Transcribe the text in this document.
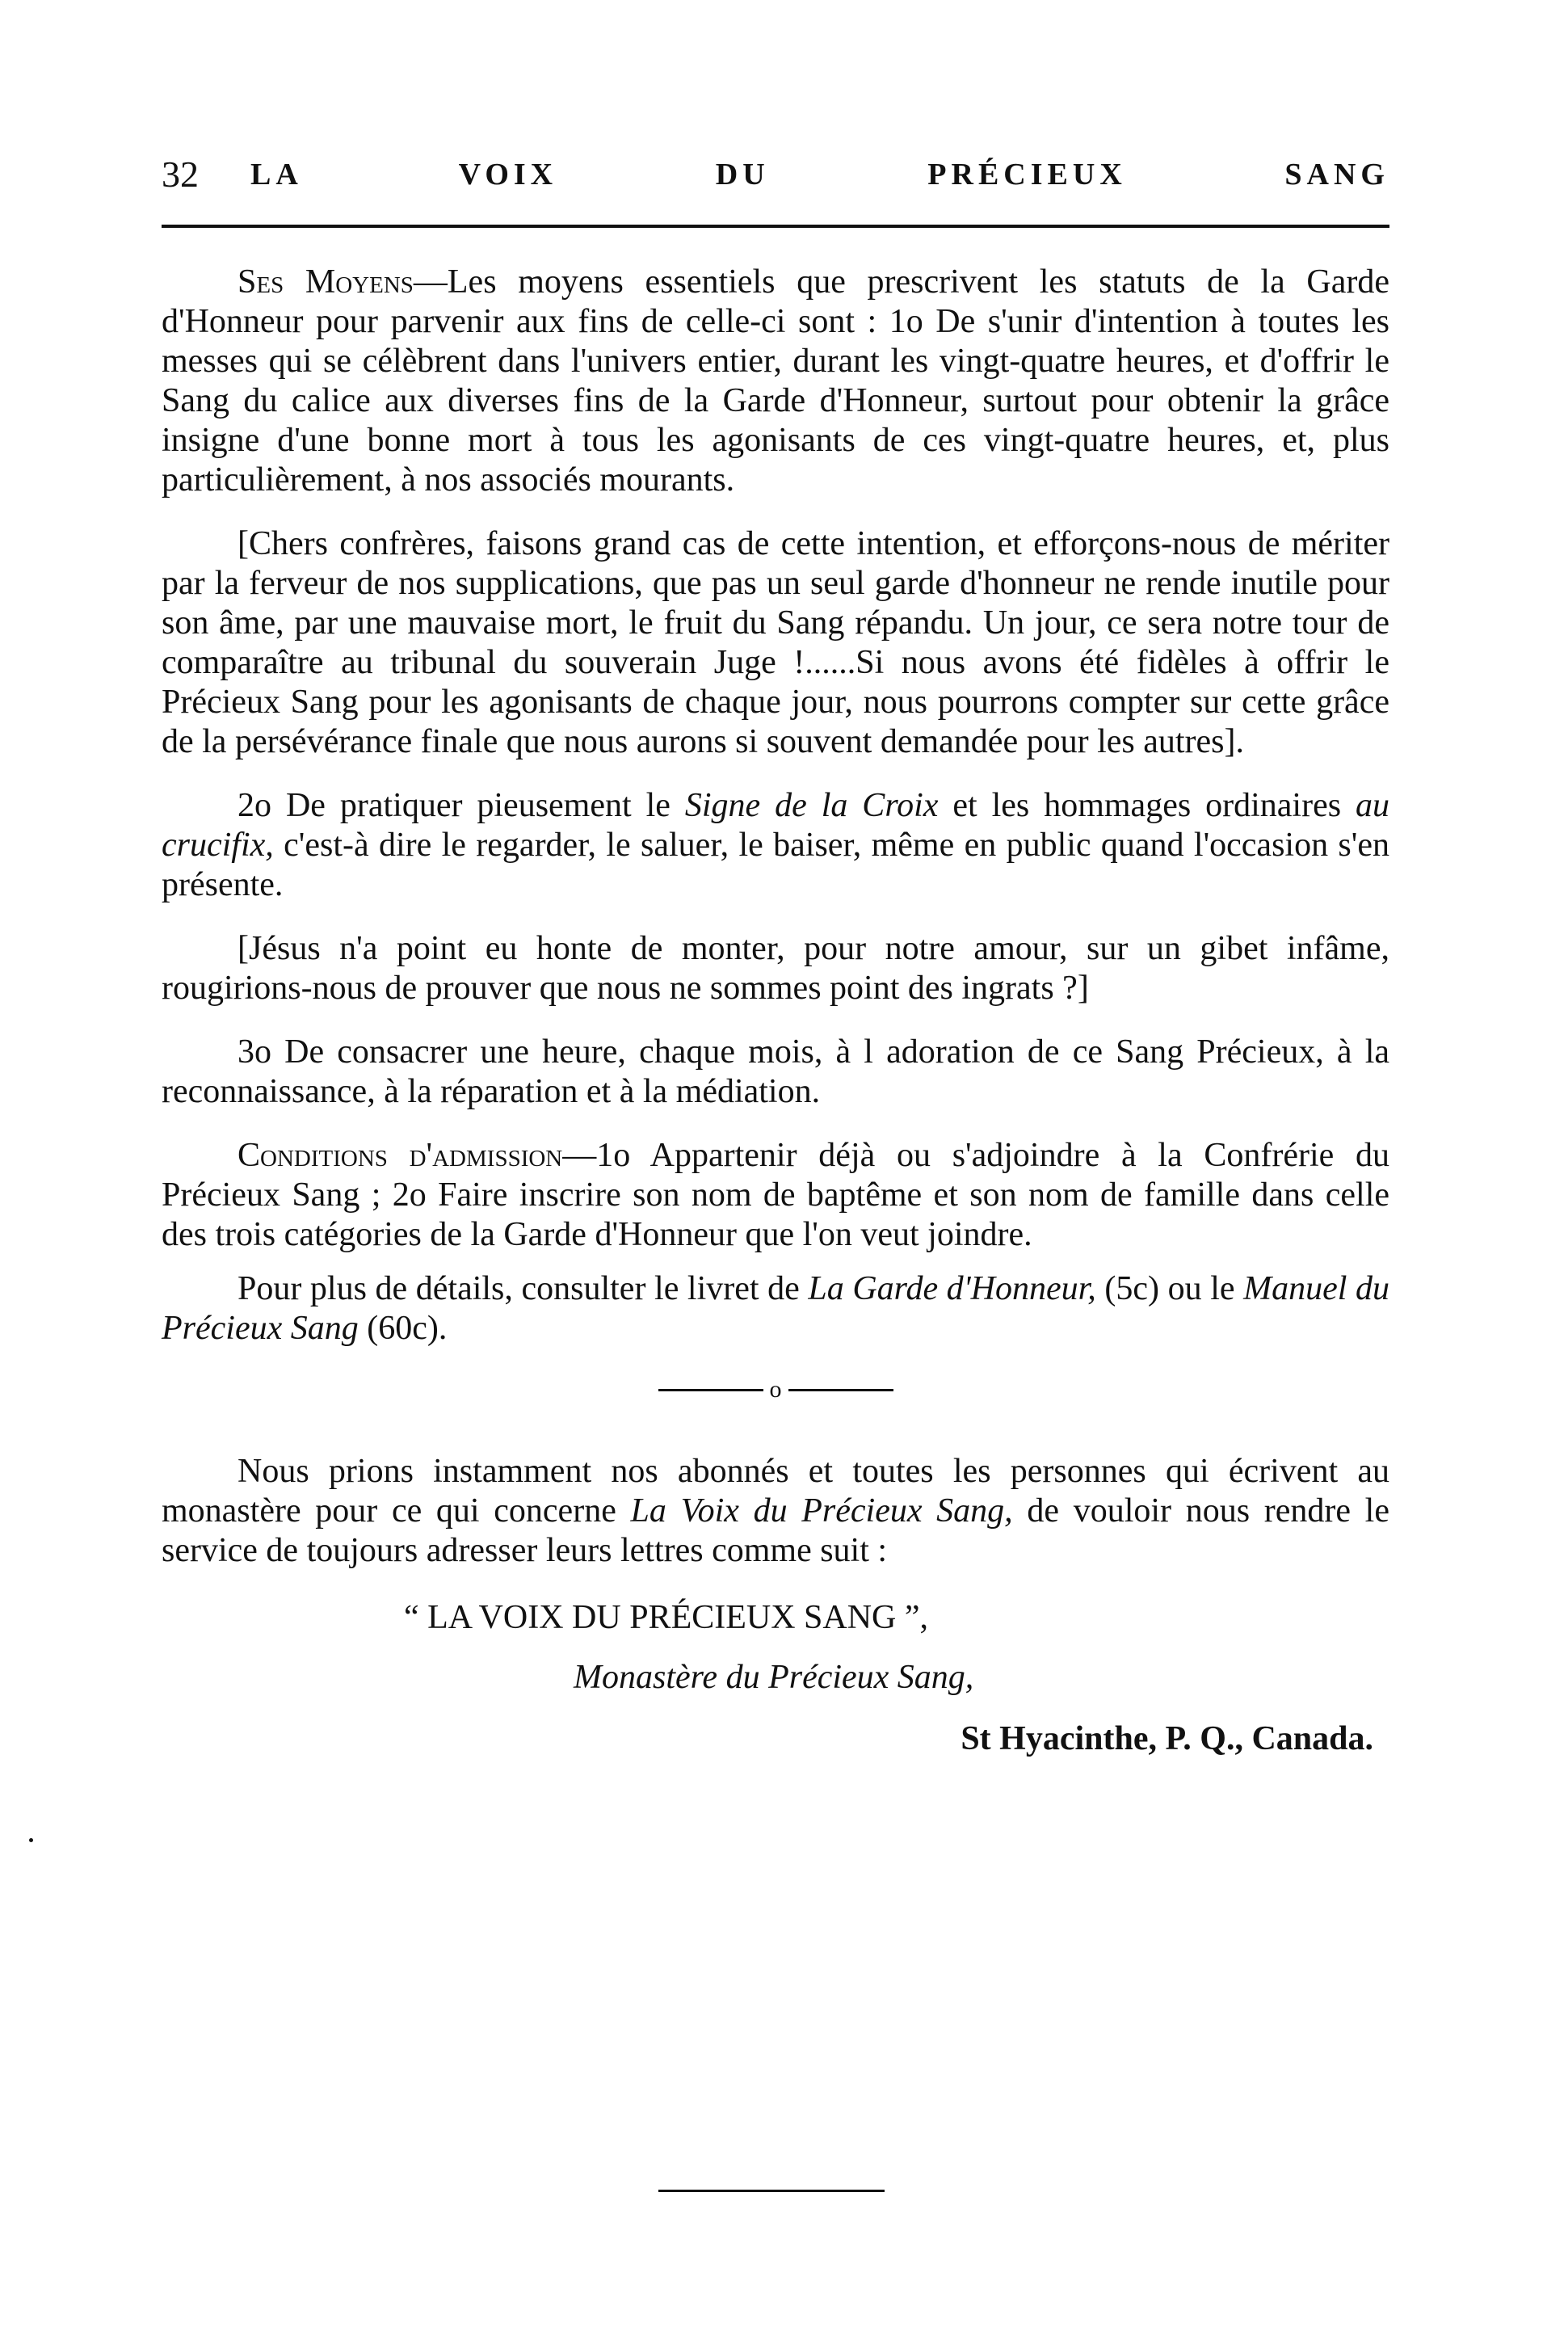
32 LA VOIX DU PRÉCIEUX SANG

Ses Moyens—Les moyens essentiels que prescrivent les statuts de la Garde d'Honneur pour parvenir aux fins de celle-ci sont : 1o De s'unir d'intention à toutes les messes qui se célèbrent dans l'univers entier, durant les vingt-quatre heures, et d'offrir le Sang du calice aux diverses fins de la Garde d'Honneur, surtout pour obtenir la grâce insigne d'une bonne mort à tous les agonisants de ces vingt-quatre heures, et, plus particulièrement, à nos associés mourants.

[Chers confrères, faisons grand cas de cette intention, et efforçons-nous de mériter par la ferveur de nos supplications, que pas un seul garde d'honneur ne rende inutile pour son âme, par une mauvaise mort, le fruit du Sang répandu. Un jour, ce sera notre tour de comparaître au tribunal du souverain Juge !......Si nous avons été fidèles à offrir le Précieux Sang pour les agonisants de chaque jour, nous pourrons compter sur cette grâce de la persévérance finale que nous aurons si souvent demandée pour les autres].

2o De pratiquer pieusement le Signe de la Croix et les hommages ordinaires au crucifix, c'est-à dire le regarder, le saluer, le baiser, même en public quand l'occasion s'en présente.

[Jésus n'a point eu honte de monter, pour notre amour, sur un gibet infâme, rougirions-nous de prouver que nous ne sommes point des ingrats ?]

3o De consacrer une heure, chaque mois, à l adoration de ce Sang Précieux, à la reconnaissance, à la réparation et à la médiation.

Conditions d'admission—1o Appartenir déjà ou s'adjoindre à la Confrérie du Précieux Sang ; 2o Faire inscrire son nom de baptême et son nom de famille dans celle des trois catégories de la Garde d'Honneur que l'on veut joindre.

Pour plus de détails, consulter le livret de La Garde d'Honneur, (5c) ou le Manuel du Précieux Sang (60c).

o

Nous prions instamment nos abonnés et toutes les personnes qui écrivent au monastère pour ce qui concerne La Voix du Précieux Sang, de vouloir nous rendre le service de toujours adresser leurs lettres comme suit :

“ LA VOIX DU PRÉCIEUX SANG ”,
Monastère du Précieux Sang,
St Hyacinthe, P. Q., Canada.
